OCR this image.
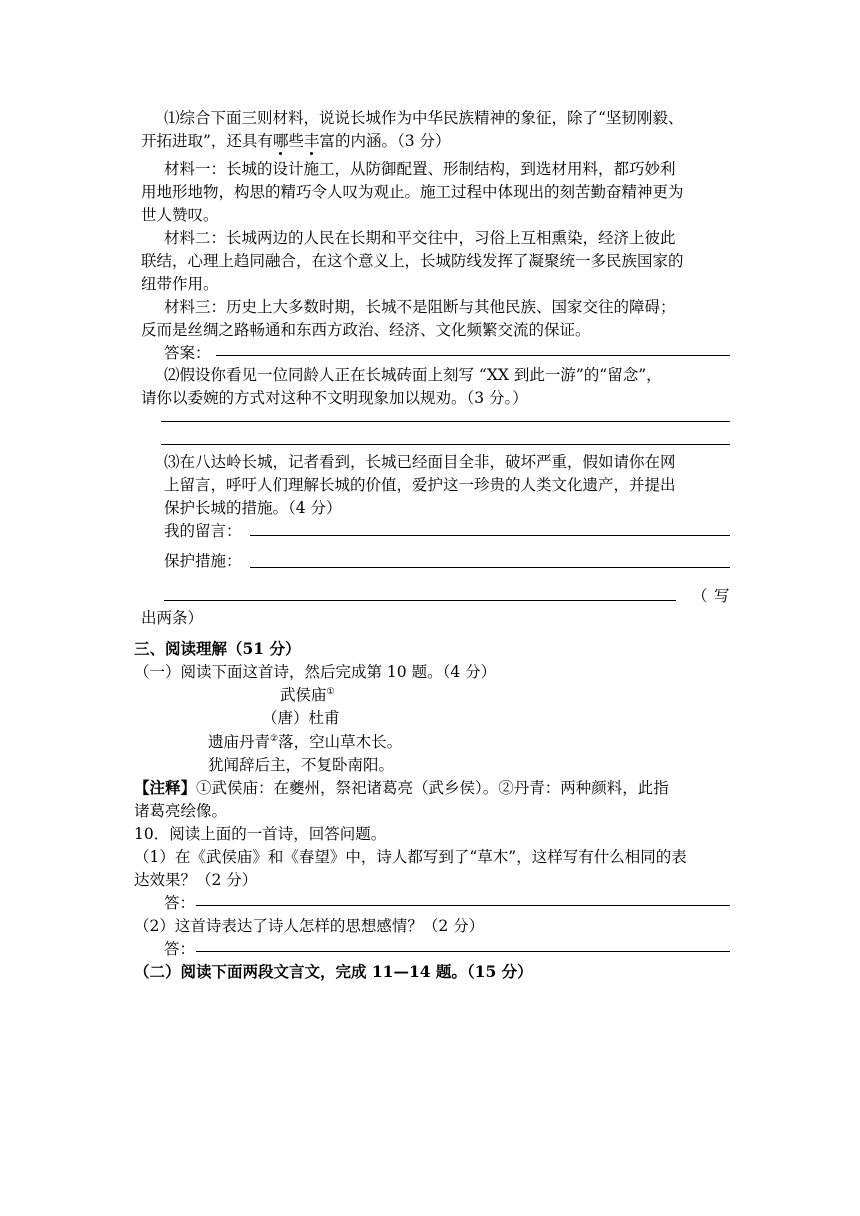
⑴综合下面三则材料，说说长城作为中华民族精神的象征，除了“坚韧刚毅、
开拓进取”，还具有哪些丰富的内涵。（3 分）
材料一：长城的设计施工，从防御配置、形制结构，到选材用料，都巧妙利
用地形地物，构思的精巧令人叹为观止。施工过程中体现出的刻苦勤奋精神更为
世人赞叹。
材料二：长城两边的人民在长期和平交往中，习俗上互相熏染，经济上彼此
联结，心理上趋同融合，在这个意义上，长城防线发挥了凝聚统一多民族国家的
纽带作用。
材料三：历史上大多数时期，长城不是阻断与其他民族、国家交往的障碍；
反而是丝绸之路畅通和东西方政治、经济、文化频繁交流的保证。
答案：
⑵假设你看见一位同龄人正在长城砖面上刻写 “XX 到此一游”的“留念”，
请你以委婉的方式对这种不文明现象加以规劝。（3 分。）
⑶在八达岭长城，记者看到，长城已经面目全非，破坏严重，假如请你在网
上留言，呼吁人们理解长城的价值，爱护这一珍贵的人类文化遗产，并提出
保护长城的措施。（4 分）
我的留言：
保护措施：
（ 写
出两条）
三、阅读理解（51 分）
（一）阅读下面这首诗，然后完成第 10 题。（4 分）
武侯庙①
（唐）杜甫
遗庙丹青②落，空山草木长。
犹闻辞后主，不复卧南阳。
【注释】①武侯庙：在夔州，祭祀诸葛亮（武乡侯）。②丹青：两种颜料，此指
诸葛亮绘像。
10．阅读上面的一首诗，回答问题。
（1）在《武侯庙》和《春望》中，诗人都写到了“草木”，这样写有什么相同的表
达效果？（2 分）
答：
（2）这首诗表达了诗人怎样的思想感情？（2 分）
答：
（二）阅读下面两段文言文，完成 11—14 题。（15 分）
